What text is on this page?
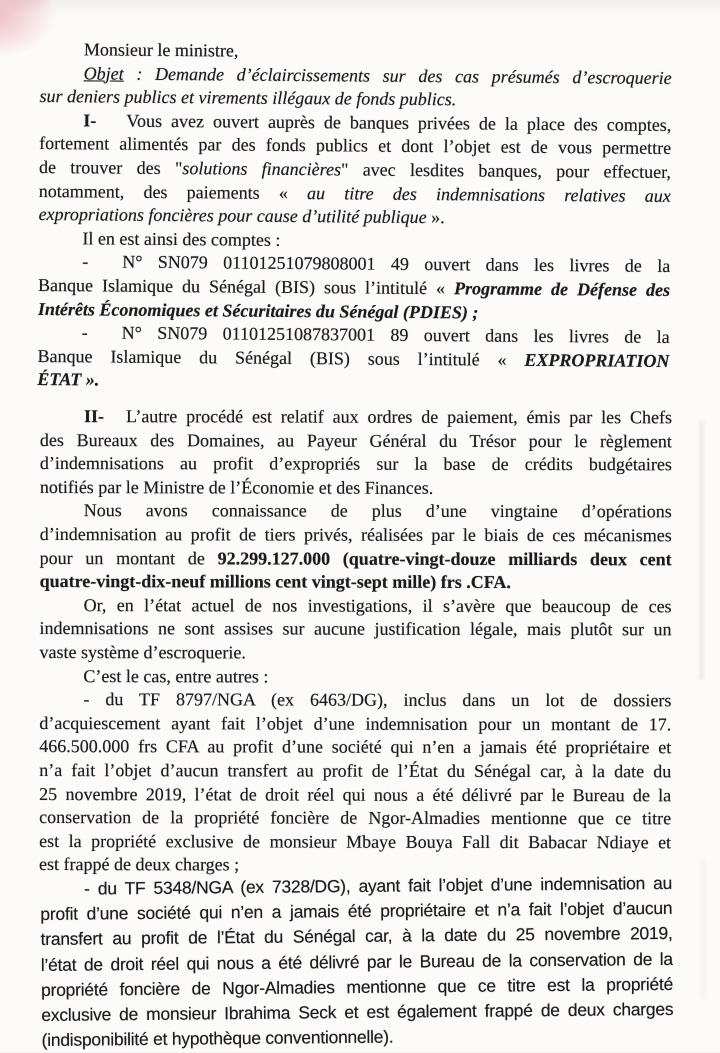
Monsieur le ministre,
Objet : Demande d’éclaircissements sur des cas présumés d’escroquerie
sur deniers publics et virements illégaux de fonds publics.
I- Vous avez ouvert auprès de banques privées de la place des comptes,
fortement alimentés par des fonds publics et dont l’objet est de vous permettre
de trouver des "solutions financières" avec lesdites banques, pour effectuer,
notamment, des paiements « au titre des indemnisations relatives aux
expropriations foncières pour cause d’utilité publique ».
Il en est ainsi des comptes :
- N° SN079 01101251079808001 49 ouvert dans les livres de la
Banque Islamique du Sénégal (BIS) sous l’intitulé « Programme de Défense des
Intérêts Économiques et Sécuritaires du Sénégal (PDIES) ;
- N° SN079 01101251087837001 89 ouvert dans les livres de la
Banque Islamique du Sénégal (BIS) sous l’intitulé « EXPROPRIATION
ÉTAT ».
II- L’autre procédé est relatif aux ordres de paiement, émis par les Chefs
des Bureaux des Domaines, au Payeur Général du Trésor pour le règlement
d’indemnisations au profit d’expropriés sur la base de crédits budgétaires
notifiés par le Ministre de l’Économie et des Finances.
Nous avons connaissance de plus d’une vingtaine d’opérations
d’indemnisation au profit de tiers privés, réalisées par le biais de ces mécanismes
pour un montant de 92.299.127.000 (quatre-vingt-douze milliards deux cent
quatre-vingt-dix-neuf millions cent vingt-sept mille) frs .CFA.
Or, en l’état actuel de nos investigations, il s’avère que beaucoup de ces
indemnisations ne sont assises sur aucune justification légale, mais plutôt sur un
vaste système d’escroquerie.
C’est le cas, entre autres :
- du TF 8797/NGA (ex 6463/DG), inclus dans un lot de dossiers
d’acquiescement ayant fait l’objet d’une indemnisation pour un montant de 17.
466.500.000 frs CFA au profit d’une société qui n’en a jamais été propriétaire et
n’a fait l’objet d’aucun transfert au profit de l’État du Sénégal car, à la date du
25 novembre 2019, l’état de droit réel qui nous a été délivré par le Bureau de la
conservation de la propriété foncière de Ngor-Almadies mentionne que ce titre
est la propriété exclusive de monsieur Mbaye Bouya Fall dit Babacar Ndiaye et
est frappé de deux charges ;
- du TF 5348/NGA (ex 7328/DG), ayant fait l’objet d’une indemnisation au
profit d’une société qui n’en a jamais été propriétaire et n’a fait l’objet d’aucun
transfert au profit de l’État du Sénégal car, à la date du 25 novembre 2019,
l’état de droit réel qui nous a été délivré par le Bureau de la conservation de la
propriété foncière de Ngor-Almadies mentionne que ce titre est la propriété
exclusive de monsieur Ibrahima Seck et est également frappé de deux charges
(indisponibilité et hypothèque conventionnelle).
